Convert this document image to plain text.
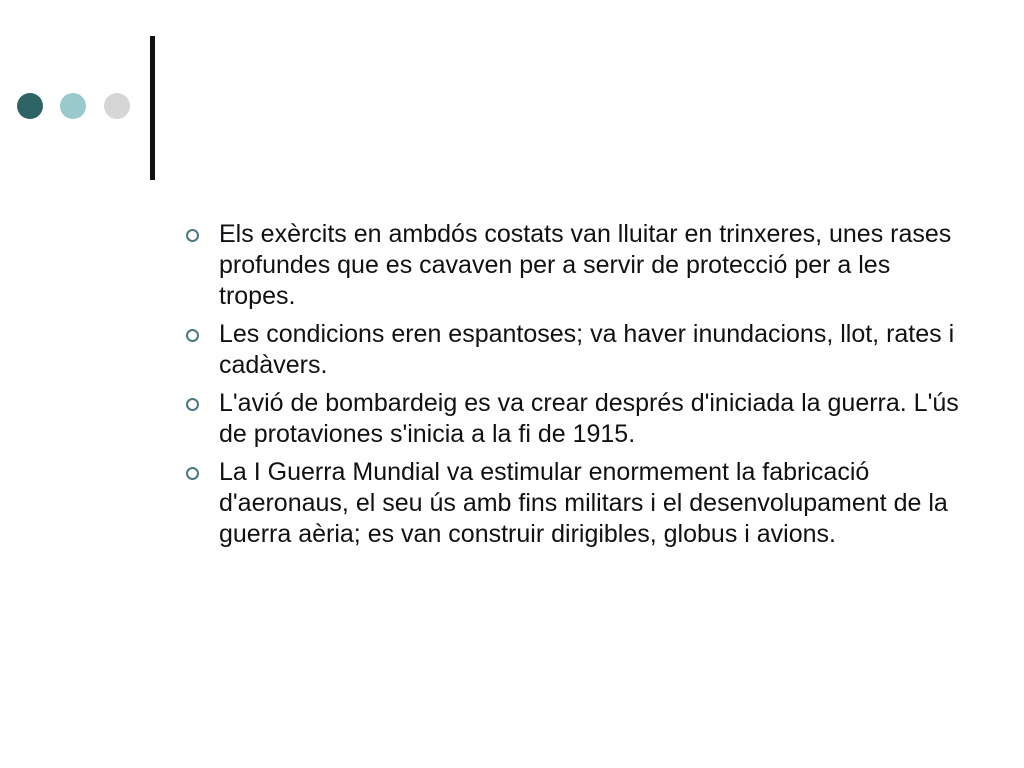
Els exèrcits en ambdós costats van lluitar en trinxeres, unes rases profundes que es cavaven per a servir de protecció per a les tropes.
Les condicions eren espantoses; va haver inundacions, llot, rates i cadàvers.
L'avió de bombardeig es va crear després d'iniciada la guerra. L'ús de protaviones s'inicia a la fi de 1915.
La I Guerra Mundial va estimular enormement la fabricació d'aeronaus, el seu ús amb fins militars i el desenvolupament de la guerra aèria; es van construir dirigibles, globus i avions.
